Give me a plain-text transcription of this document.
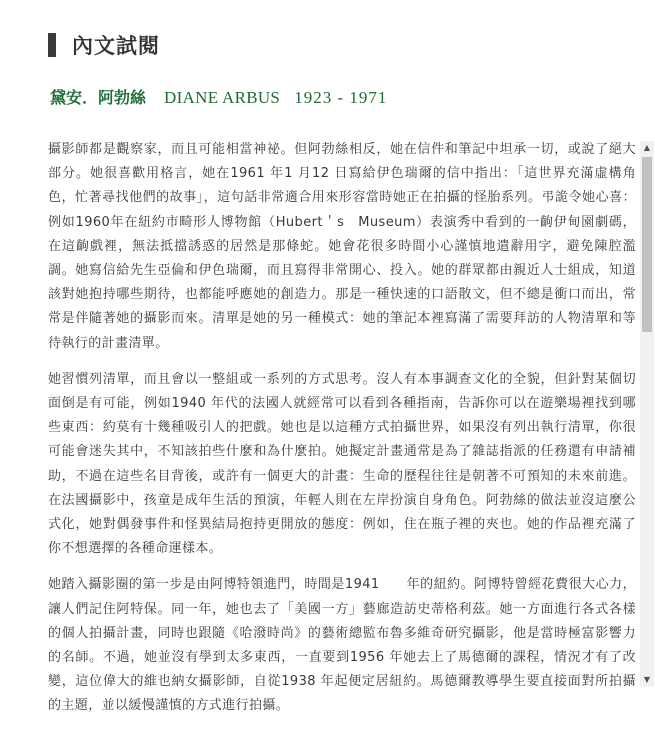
內文試閱
黛安．阿勃絲 DIANE ARBUS 1923 - 1971

攝影師都是觀察家，而且可能相當神祕。但阿勃絲相反，她在信件和筆記中坦承一切，或說了絕大部分。她很喜歡用格言，她在1961 年1 月12 日寫給伊色瑞爾的信中指出：「這世界充滿虛構角色，忙著尋找他們的故事」，這句話非常適合用來形容當時她正在拍攝的怪胎系列。弔詭令她心喜：例如1960年在紐約市畸形人博物館（Hubert＇s　Museum）表演秀中看到的一齣伊甸園劇碼，在這齣戲裡，無法抵擋誘惑的居然是那條蛇。她會花很多時間小心謹慎地遣辭用字，避免陳腔濫調。她寫信給先生亞倫和伊色瑞爾，而且寫得非常開心、投入。她的群眾都由親近人士組成，知道該對她抱持哪些期待，也都能呼應她的創造力。那是一種快速的口語散文，但不總是衝口而出，常常是伴隨著她的攝影而來。清單是她的另一種模式：她的筆記本裡寫滿了需要拜訪的人物清單和等待執行的計畫清單。

她習慣列清單，而且會以一整組或一系列的方式思考。沒人有本事調查文化的全貌，但針對某個切面倒是有可能，例如1940 年代的法國人就經常可以看到各種指南，告訴你可以在遊樂場裡找到哪些東西：約莫有十幾種吸引人的把戲。她也是以這種方式拍攝世界，如果沒有列出執行清單，你很可能會迷失其中，不知該拍些什麼和為什麼拍。她擬定計畫通常是為了雜誌指派的任務還有申請補助，不過在這些名目背後，或許有一個更大的計畫：生命的歷程往往是朝著不可預知的未來前進。在法國攝影中，孩童是成年生活的預演，年輕人則在左岸扮演自身角色。阿勃絲的做法並沒這麼公式化，她對偶發事件和怪異結局抱持更開放的態度：例如，住在瓶子裡的夾也。她的作品裡充滿了你不想選擇的各種命運樣本。

她踏入攝影圈的第一步是由阿博特領進門，時間是1941　　年的紐約。阿博特曾經花費很大心力，讓人們記住阿特保。同一年，她也去了「美國一方」藝廊造訪史蒂格利茲。她一方面進行各式各樣的個人拍攝計畫，同時也跟隨《哈潑時尚》的藝術總監布魯多維奇研究攝影，他是當時極富影響力的名師。不過，她並沒有學到太多東西，一直要到1956 年她去上了馬德爾的課程，情況才有了改變，這位偉大的維也納女攝影師，自從1938 年起便定居紐約。馬德爾教導學生要直接面對所拍攝的主題，並以緩慢謹慎的方式進行拍攝。

▲
▼
